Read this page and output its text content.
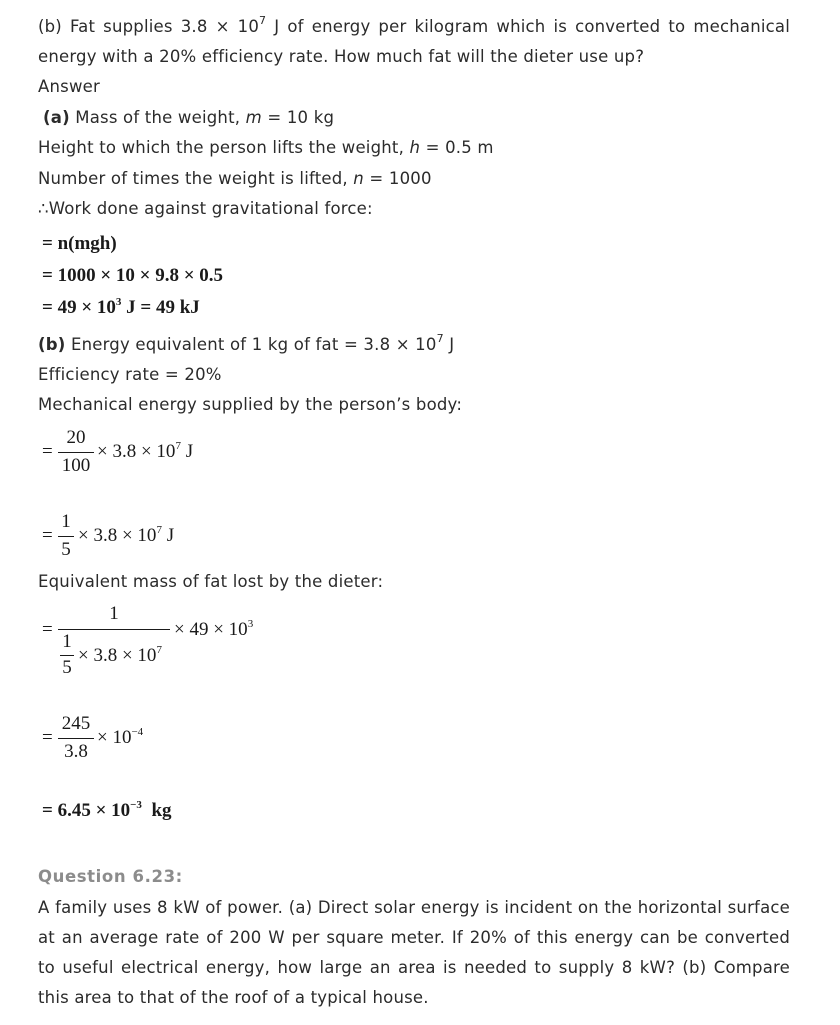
(b) Fat supplies $3.8 \times 10^7$ J of energy per kilogram which is converted to mechanical
energy with a 20% efficiency rate. How much fat will the dieter use up?
Answer
(a) Mass of the weight, m = 10 kg
Height to which the person lifts the weight, h = 0.5 m
Number of times the weight is lifted, n = 1000
∴Work done against gravitational force:
= n(mgh)
= 1000 × 10 × 9.8 × 0.5
= $49 \times 10^3$ J = 49 kJ
(b) Energy equivalent of 1 kg of fat = $3.8 \times 10^7$ J
Efficiency rate = 20%
Mechanical energy supplied by the person’s body:
=
20
100
× $3.8 \times 10^7$ J
=
1
5
× $3.8 \times 10^7$ J
Equivalent mass of fat lost by the dieter:
=
1
1
5
× $3.8 \times 10^7$
× $49 \times 10^3$
=
245
3.8
× $10^{-4}$
= $6.45 \times 10^{-3}$ kg
Question 6.23:
A family uses 8 kW of power. (a) Direct solar energy is incident on the horizontal surface
at an average rate of 200 W per square meter. If 20% of this energy can be converted
to useful electrical energy, how large an area is needed to supply 8 kW? (b) Compare
this area to that of the roof of a typical house.
